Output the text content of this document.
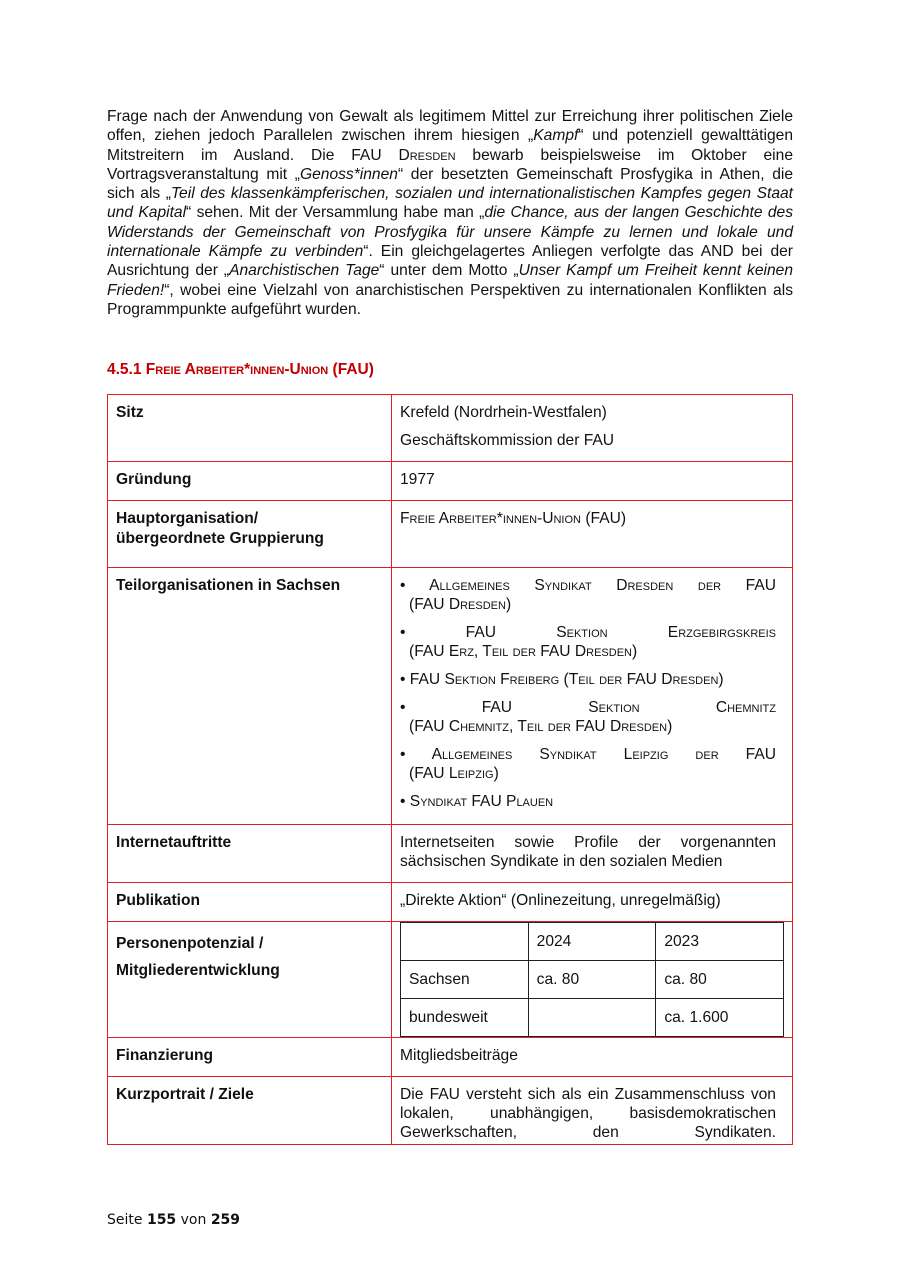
Frage nach der Anwendung von Gewalt als legitimem Mittel zur Erreichung ihrer politischen Ziele offen, ziehen jedoch Parallelen zwischen ihrem hiesigen „Kampf“ und potenziell gewalttätigen Mitstreitern im Ausland. Die FAU Dresden bewarb beispielsweise im Oktober eine Vortragsveranstaltung mit „Genoss*innen“ der besetzten Gemeinschaft Prosfygika in Athen, die sich als „Teil des klassenkämpferischen, sozialen und internationalistischen Kampfes gegen Staat und Kapital“ sehen. Mit der Versammlung habe man „die Chance, aus der langen Geschichte des Widerstands der Gemeinschaft von Prosfygika für unsere Kämpfe zu lernen und lokale und internationale Kämpfe zu verbinden“. Ein gleichgelagertes Anliegen verfolgte das AND bei der Ausrichtung der „Anarchistischen Tage“ unter dem Motto „Unser Kampf um Freiheit kennt keinen Frieden!“, wobei eine Vielzahl von anarchistischen Perspektiven zu internationalen Konflikten als Programmpunkte aufgeführt wurden.

4.5.1 Freie Arbeiter*innen-Union (FAU)
Sitz	Krefeld (Nordrhein-Westfalen)

Geschäftskommission der FAU

Gründung	1977
Hauptorganisation/
übergeordnete Gruppierung	Freie Arbeiter*innen-Union (FAU)
Teilorganisationen in Sachsen	• Allgemeines Syndikat Dresden der FAU
(FAU Dresden)

• FAU Sektion Erzgebirgskreis
(FAU Erz, Teil der FAU Dresden)

• FAU Sektion Freiberg (Teil der FAU Dresden)

• FAU Sektion Chemnitz
(FAU Chemnitz, Teil der FAU Dresden)

• Allgemeines Syndikat Leipzig der FAU
(FAU Leipzig)

• Syndikat FAU Plauen

Internetauftritte	Internetseiten sowie Profile der vorgenannten sächsischen Syndikate in den sozialen Medien
Publikation	„Direkte Aktion“ (Onlinezeitung, unregelmäßig)
Personenpotenzial /
Mitgliederentwicklung	
	2024	2023
Sachsen	ca. 80	ca. 80
bundesweit		ca. 1.600

Finanzierung	Mitgliedsbeiträge
Kurzportrait / Ziele	Die FAU versteht sich als ein Zusammenschluss von lokalen, unabhängigen, basisdemokratischen Gewerkschaften, den Syndikaten.
Seite 155 von 259
